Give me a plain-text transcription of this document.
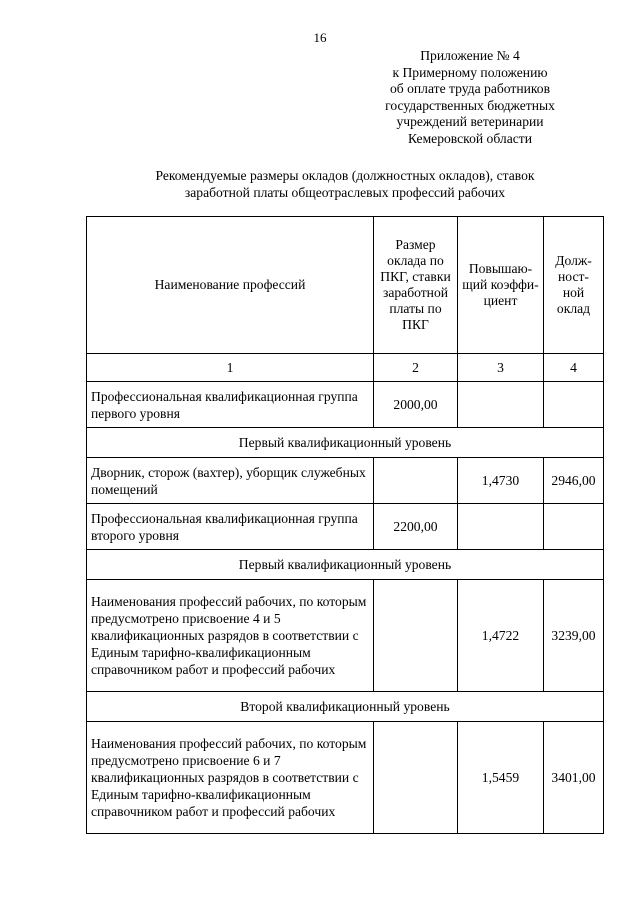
16
Приложение № 4
к Примерному положению
об оплате труда работников
государственных бюджетных
учреждений ветеринарии
Кемеровской области
Рекомендуемые размеры окладов (должностных окладов), ставок
заработной платы общеотраслевых профессий рабочих
Наименование профессий	Размер оклада по ПКГ, ставки заработной платы по ПКГ	Повышаю-щий коэффи-циент	Долж-ност-ной оклад
1	2	3	4
Профессиональная квалификационная группа первого уровня	2000,00		
Первый квалификационный уровень			
Дворник, сторож (вахтер), уборщик служебных помещений		1,4730	2946,00
Профессиональная квалификационная группа второго уровня	2200,00		
Первый квалификационный уровень			
Наименования профессий рабочих, по которым предусмотрено присвоение 4 и 5 квалификационных разрядов в соответствии с Единым тарифно-квалификационным справочником работ и профессий рабочих		1,4722	3239,00
Второй квалификационный уровень			
Наименования профессий рабочих, по которым предусмотрено присвоение 6 и 7 квалификационных разрядов в соответствии с Единым тарифно-квалификационным справочником работ и профессий рабочих		1,5459	3401,00
